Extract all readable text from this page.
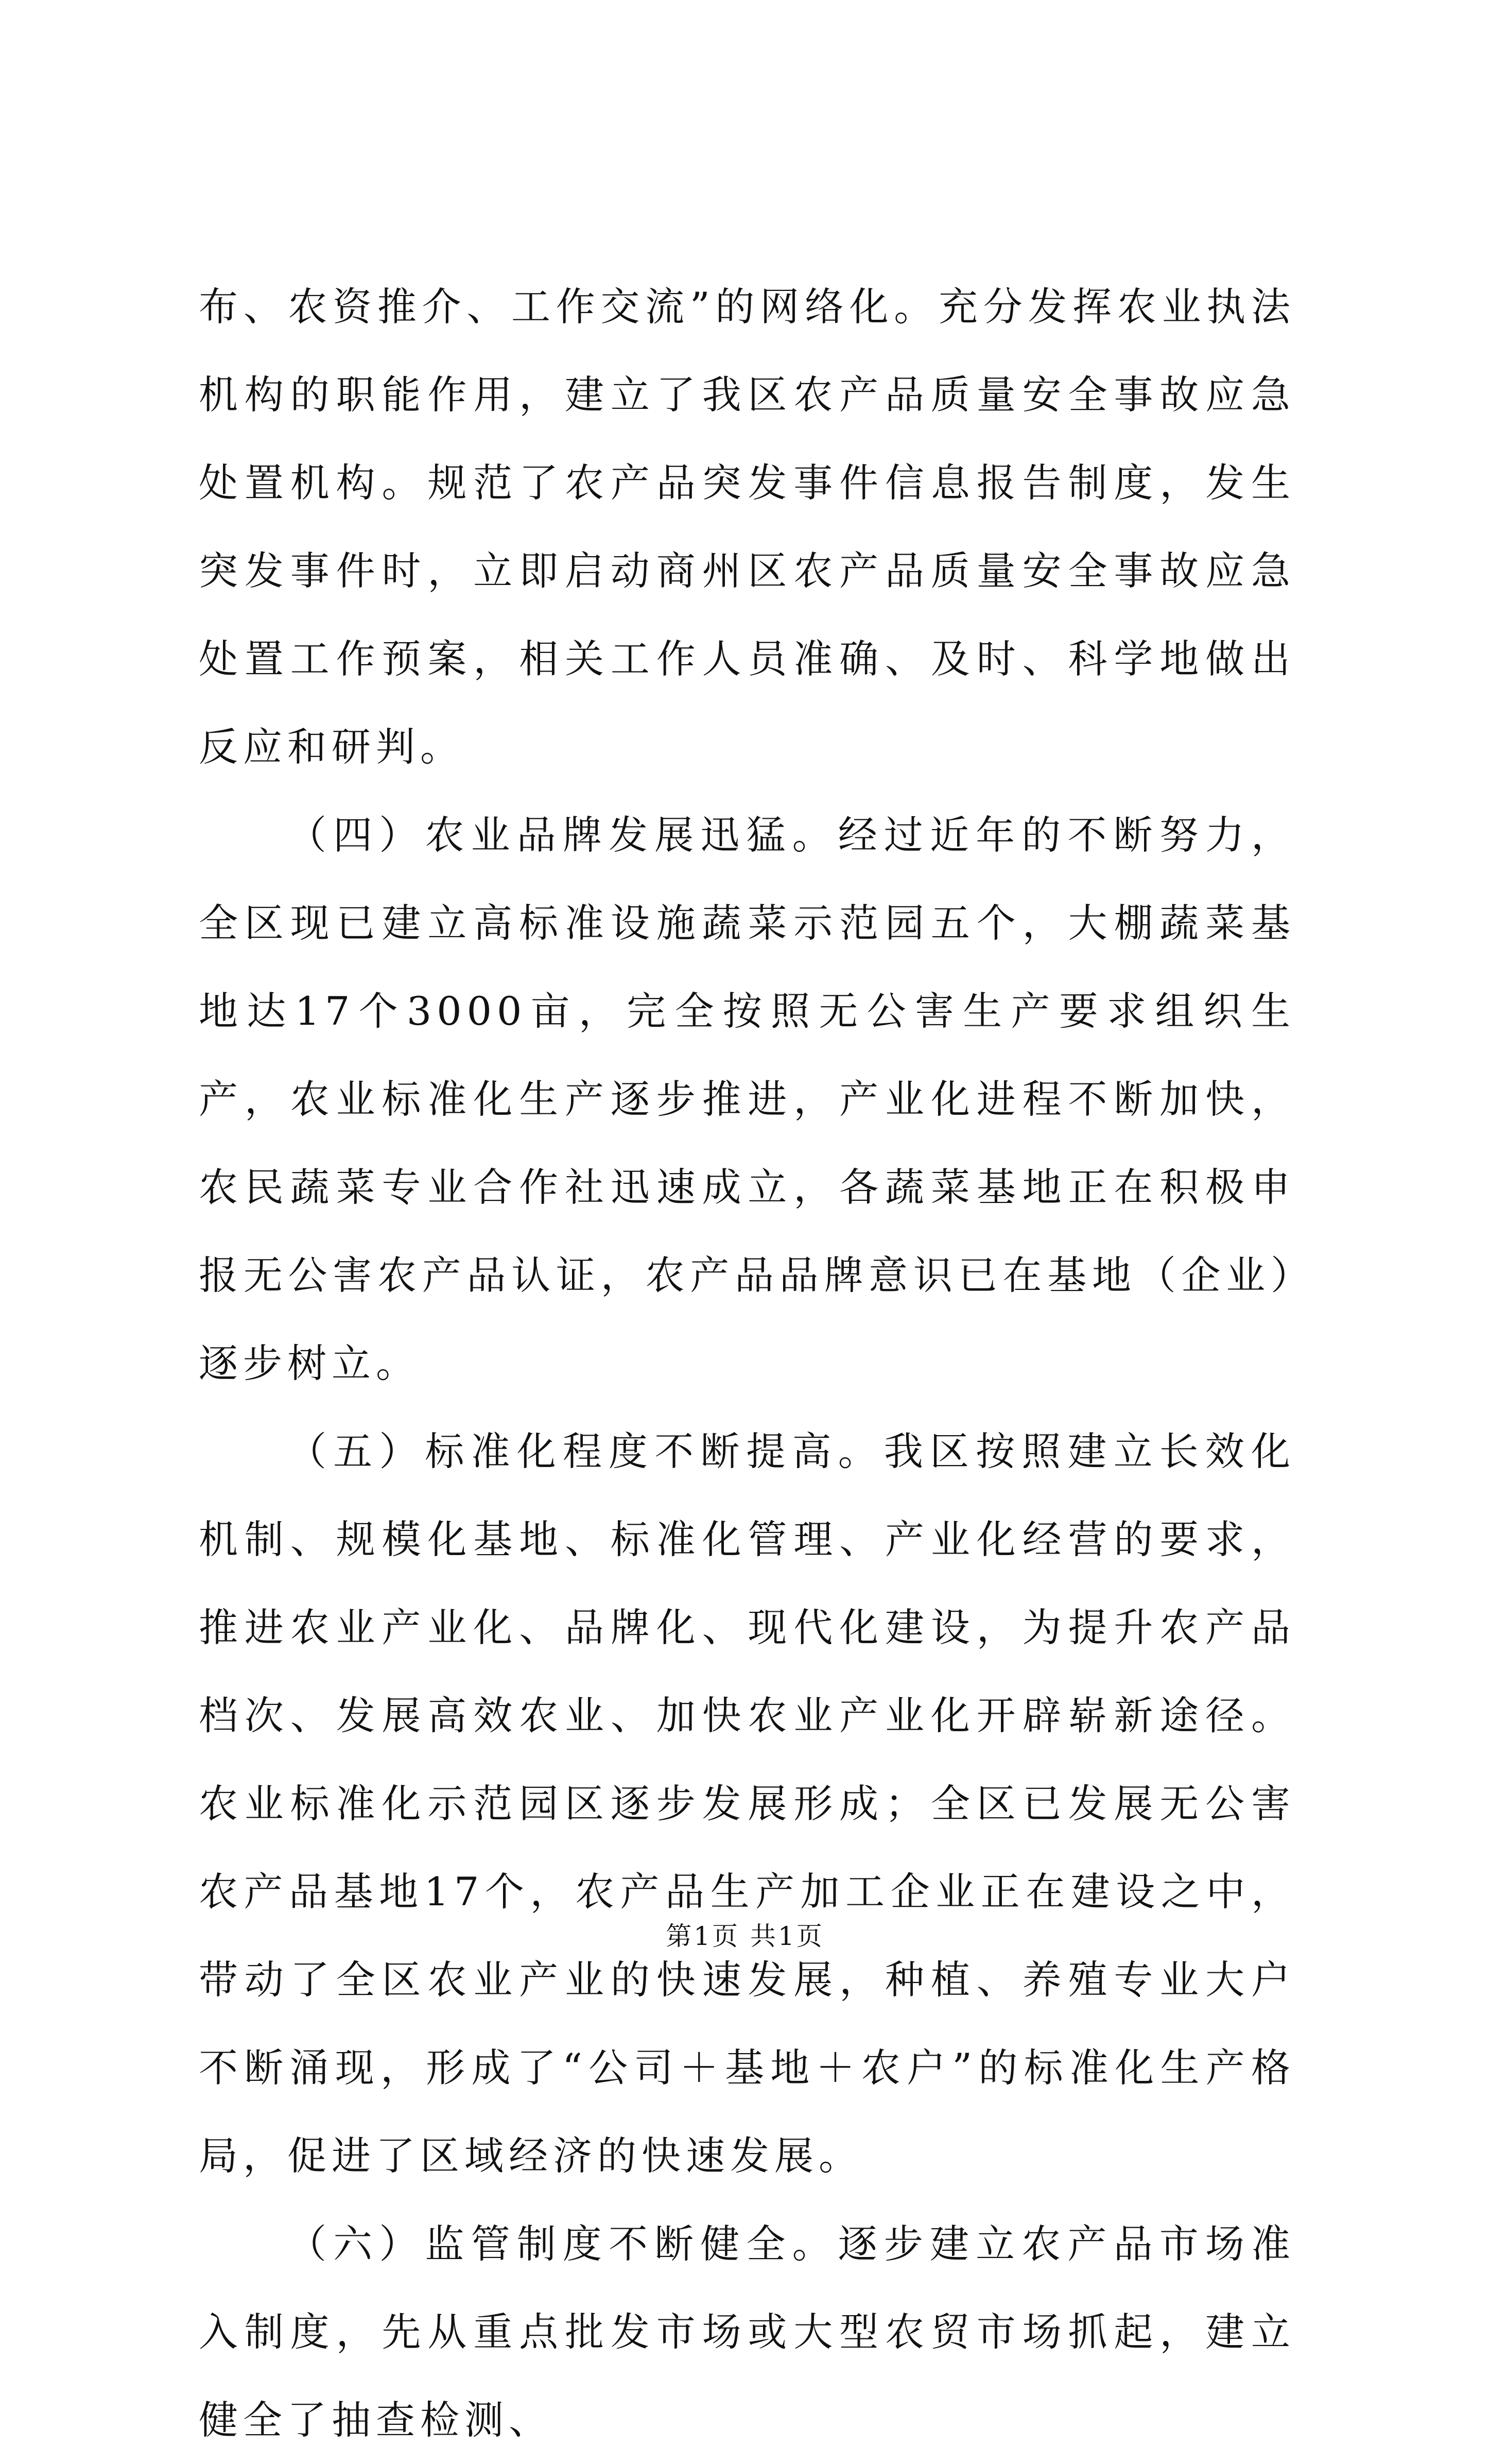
布、农资推介、工作交流”的网络化。充分发挥农业执法机构的职能作用，建立了我区农产品质量安全事故应急处置机构。规范了农产品突发事件信息报告制度，发生突发事件时，立即启动商州区农产品质量安全事故应急处置工作预案，相关工作人员准确、及时、科学地做出反应和研判。

（四）农业品牌发展迅猛。经过近年的不断努力，全区现已建立高标准设施蔬菜示范园五个，大棚蔬菜基地达17个3000亩，完全按照无公害生产要求组织生产，农业标准化生产逐步推进，产业化进程不断加快，农民蔬菜专业合作社迅速成立，各蔬菜基地正在积极申报无公害农产品认证，农产品品牌意识已在基地（企业）逐步树立。

（五）标准化程度不断提高。我区按照建立长效化机制、规模化基地、标准化管理、产业化经营的要求，推进农业产业化、品牌化、现代化建设，为提升农产品档次、发展高效农业、加快农业产业化开辟崭新途径。农业标准化示范园区逐步发展形成；全区已发展无公害农产品基地17个，农产品生产加工企业正在建设之中，带动了全区农业产业的快速发展，种植、养殖专业大户不断涌现，形成了“公司＋基地＋农户”的标准化生产格局，促进了区域经济的快速发展。

（六）监管制度不断健全。逐步建立农产品市场准入制度，先从重点批发市场或大型农贸市场抓起，建立健全了抽查检测、

第1页 共1页
